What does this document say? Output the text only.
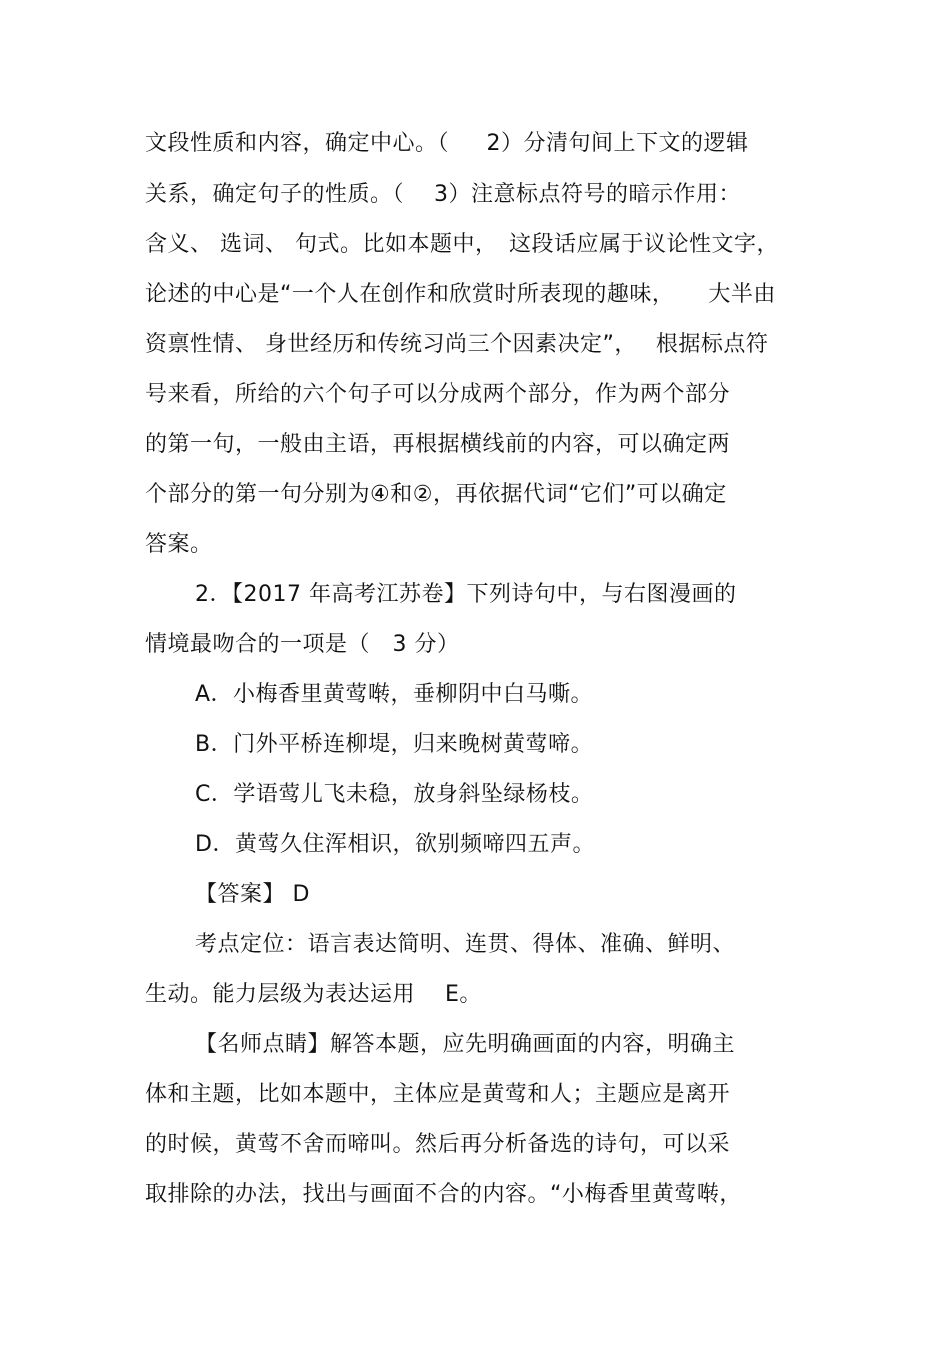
文段性质和内容，确定中心。（　  2）分清句间上下文的逻辑
关系，确定句子的性质。（　 3）注意标点符号的暗示作用：
含义、 选词、 句式。比如本题中，　这段话应属于议论性文字，
论述的中心是“一个人在创作和欣赏时所表现的趣味，　　大半由
资禀性情、 身世经历和传统习尚三个因素决定”，　 根据标点符
号来看，所给的六个句子可以分成两个部分，作为两个部分
的第一句，一般由主语，再根据横线前的内容，可以确定两
个部分的第一句分别为④和②，再依据代词“它们”可以确定
答案。
2．【2017 年高考江苏卷】下列诗句中，与右图漫画的
情境最吻合的一项是（　3 分）
A．小梅香里黄莺啭，垂柳阴中白马嘶。
B．门外平桥连柳堤，归来晚树黄莺啼。
C．学语莺儿飞未稳，放身斜坠绿杨枝。
D．黄莺久住浑相识，欲别频啼四五声。
【答案】 D
考点定位：语言表达简明、连贯、得体、准确、鲜明、
生动。能力层级为表达运用　 E。
【名师点睛】解答本题，应先明确画面的内容，明确主
体和主题，比如本题中，主体应是黄莺和人；主题应是离开
的时候，黄莺不舍而啼叫。然后再分析备选的诗句，可以采
取排除的办法，找出与画面不合的内容。“小梅香里黄莺啭，
